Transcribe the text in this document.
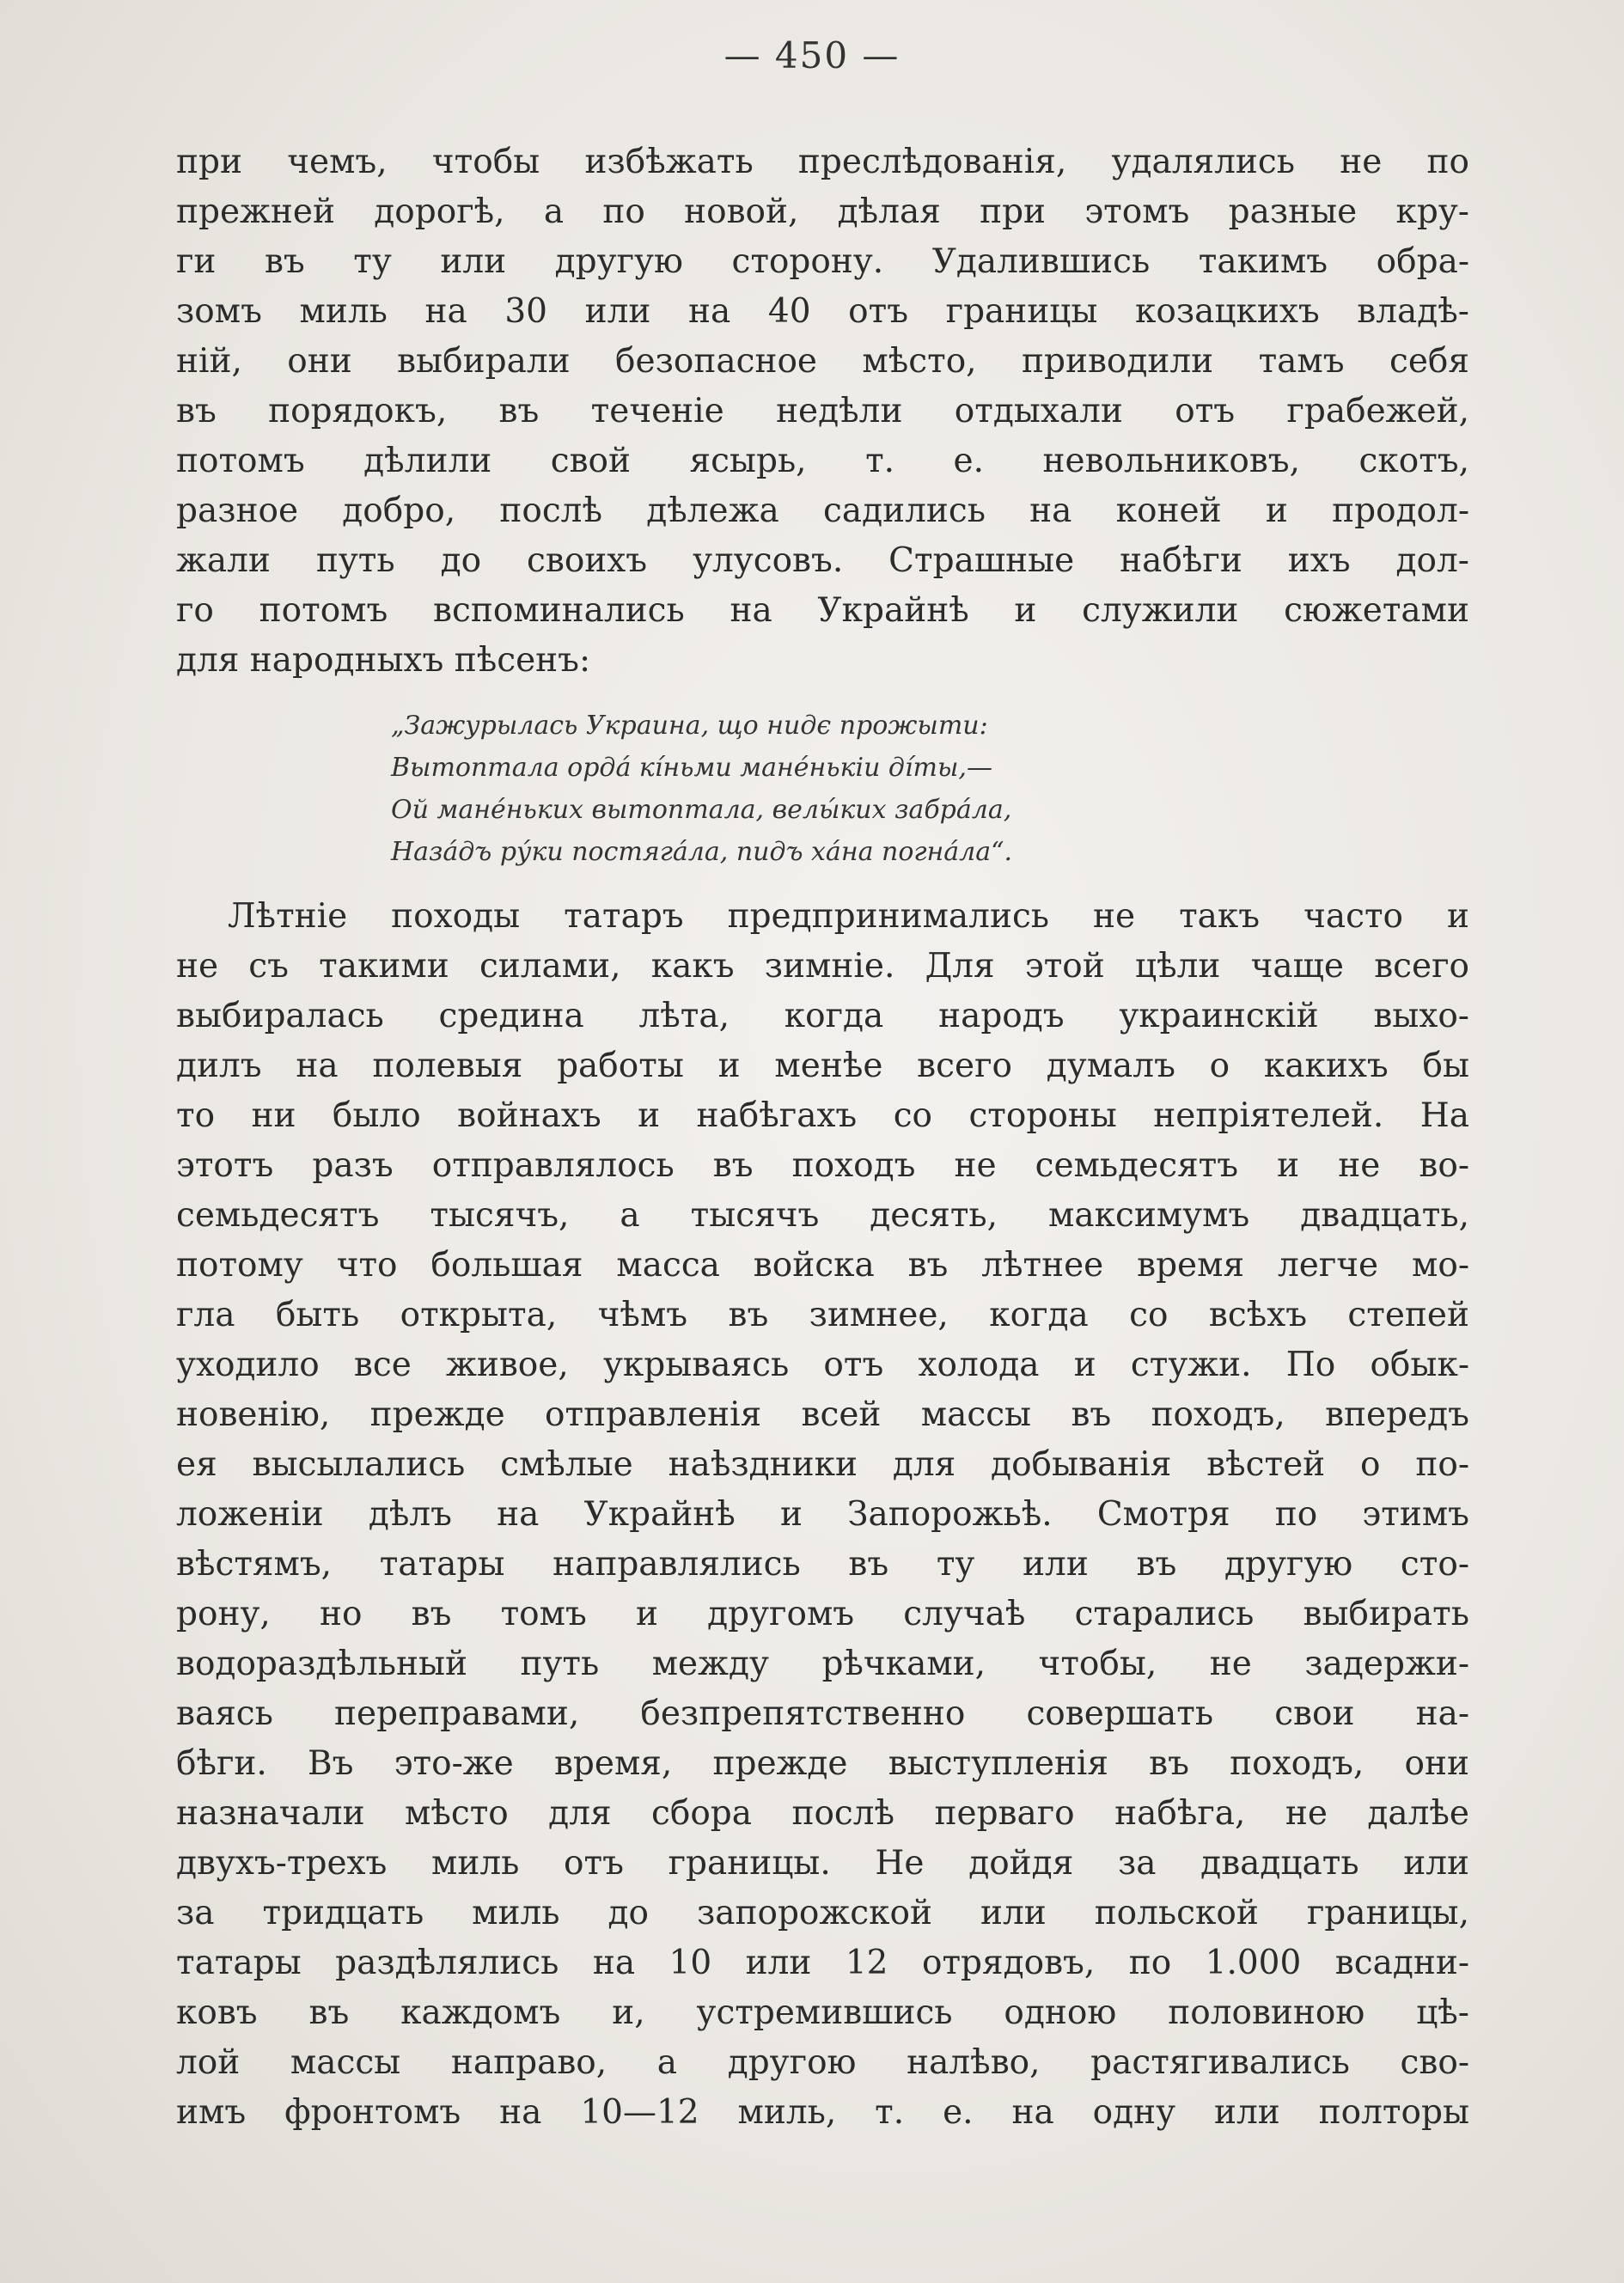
— 450 —
при чемъ, чтобы избѣжать преслѣдованія, удалялись не по
прежней дорогѣ, а по новой, дѣлая при этомъ разные кру-
ги въ ту или другую сторону. Удалившись такимъ обра-
зомъ миль на 30 или на 40 отъ границы козацкихъ владѣ-
ній, они выбирали безопасное мѣсто, приводили тамъ себя
въ порядокъ, въ теченіе недѣли отдыхали отъ грабежей,
потомъ дѣлили свой ясырь, т. е. невольниковъ, скотъ,
разное добро, послѣ дѣлежа садились на коней и продол-
жали путь до своихъ улусовъ. Страшные набѣги ихъ дол-
го потомъ вспоминались на Украйнѣ и служили сюжетами
для народныхъ пѣсенъ:
„Зажурылась Украина, що нидє прожыти:
Вытоптала орда́ кі́ньми мане́нькіи ді́ты,—
Ой мане́ньких вытоптала, велы́ких забра́ла,
Наза́дъ ру́ки постяга́ла, пидъ ха́на погна́ла“.
Лѣтніе походы татаръ предпринимались не такъ часто и
не съ такими силами, какъ зимніе. Для этой цѣли чаще всего
выбиралась средина лѣта, когда народъ украинскій выхо-
дилъ на полевыя работы и менѣе всего думалъ о какихъ бы
то ни было войнахъ и набѣгахъ со стороны непріятелей. На
этотъ разъ отправлялось въ походъ не семьдесятъ и не во-
семьдесятъ тысячъ, а тысячъ десять, максимумъ двадцать,
потому что большая масса войска въ лѣтнее время легче мо-
гла быть открыта, чѣмъ въ зимнее, когда со всѣхъ степей
уходило все живое, укрываясь отъ холода и стужи. По обык-
новенію, прежде отправленія всей массы въ походъ, впередъ
ея высылались смѣлые наѣздники для добыванія вѣстей о по-
ложеніи дѣлъ на Украйнѣ и Запорожьѣ. Смотря по этимъ
вѣстямъ, татары направлялись въ ту или въ другую сто-
рону, но въ томъ и другомъ случаѣ старались выбирать
водораздѣльный путь между рѣчками, чтобы, не задержи-
ваясь переправами, безпрепятственно совершать свои на-
бѣги. Въ это-же время, прежде выступленія въ походъ, они
назначали мѣсто для сбора послѣ перваго набѣга, не далѣе
двухъ-трехъ миль отъ границы. Не дойдя за двадцать или
за тридцать миль до запорожской или польской границы,
татары раздѣлялись на 10 или 12 отрядовъ, по 1.000 всадни-
ковъ въ каждомъ и, устремившись одною половиною цѣ-
лой массы направо, а другою налѣво, растягивались сво-
имъ фронтомъ на 10—12 миль, т. е. на одну или полторы
